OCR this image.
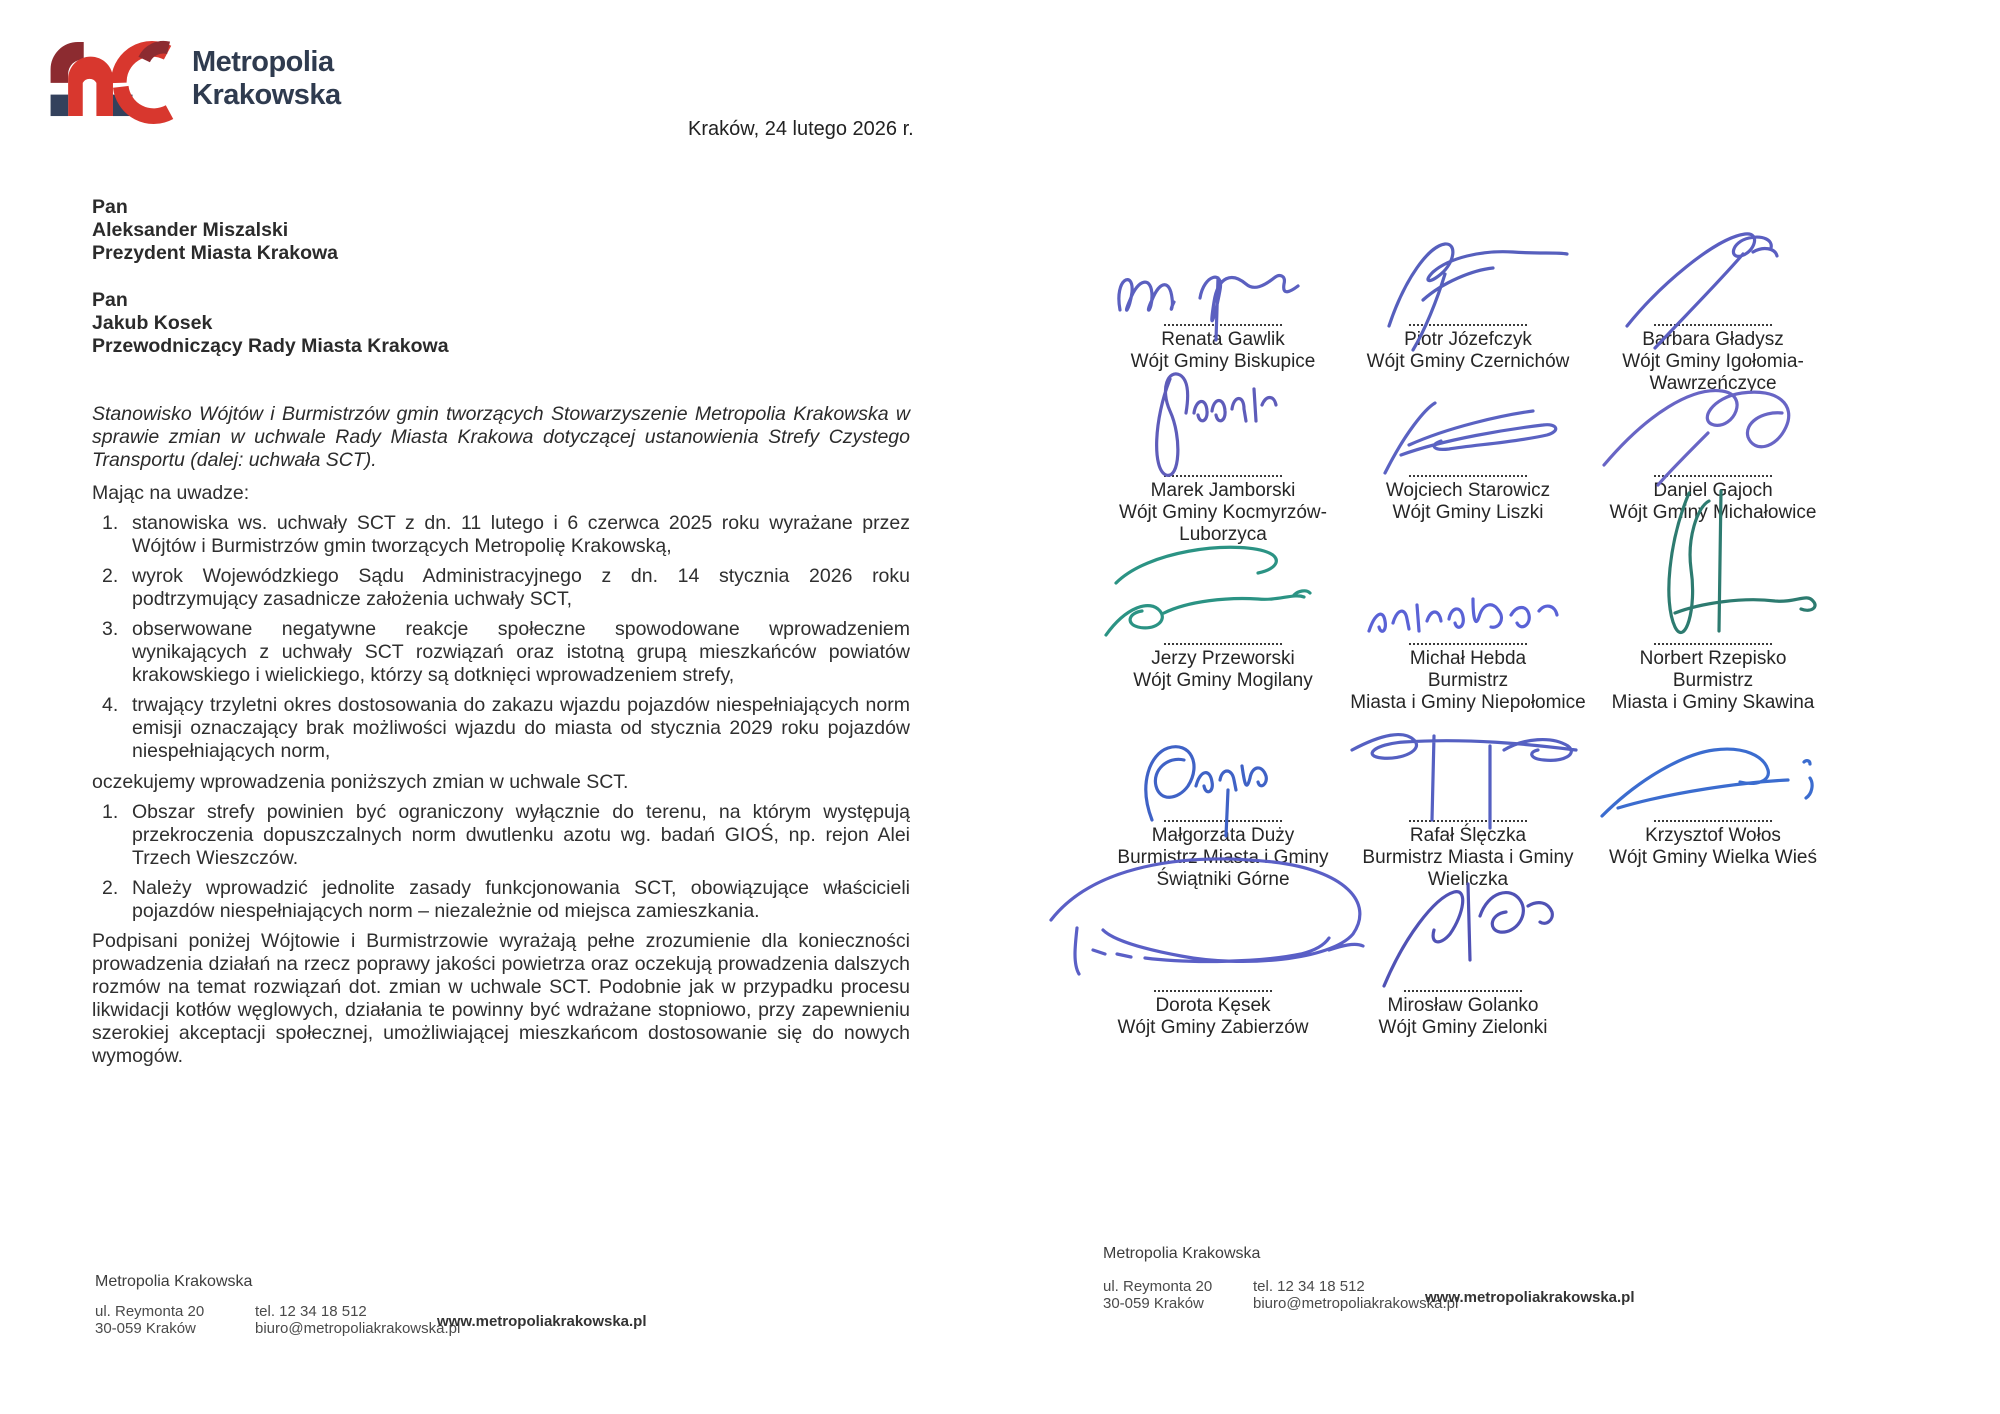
Metropolia
Krakowska
Kraków, 24 lutego 2026 r.
Pan
Aleksander Miszalski
Prezydent Miasta Krakowa
Pan
Jakub Kosek
Przewodniczący Rady Miasta Krakowa
Stanowisko Wójtów i Burmistrzów gmin tworzących Stowarzyszenie Metropolia Krakowska w sprawie zmian w uchwale Rady Miasta Krakowa dotyczącej ustanowienia Strefy Czystego Transportu (dalej: uchwała SCT).
Mając na uwadze:
1. stanowiska ws. uchwały SCT z dn. 11 lutego i 6 czerwca 2025 roku wyrażane przez Wójtów i Burmistrzów gmin tworzących Metropolię Krakowską,
2. wyrok Wojewódzkiego Sądu Administracyjnego z dn. 14 stycznia 2026 roku podtrzymujący zasadnicze założenia uchwały SCT,
3. obserwowane negatywne reakcje społeczne spowodowane wprowadzeniem wynikających z uchwały SCT rozwiązań oraz istotną grupą mieszkańców powiatów krakowskiego i wielickiego, którzy są dotknięci wprowadzeniem strefy,
4. trwający trzyletni okres dostosowania do zakazu wjazdu pojazdów niespełniających norm emisji oznaczający brak możliwości wjazdu do miasta od stycznia 2029 roku pojazdów niespełniających norm,
oczekujemy wprowadzenia poniższych zmian w uchwale SCT.
1. Obszar strefy powinien być ograniczony wyłącznie do terenu, na którym występują przekroczenia dopuszczalnych norm dwutlenku azotu wg. badań GIOŚ, np. rejon Alei Trzech Wieszczów.
2. Należy wprowadzić jednolite zasady funkcjonowania SCT, obowiązujące właścicieli pojazdów niespełniających norm – niezależnie od miejsca zamieszkania.
Podpisani poniżej Wójtowie i Burmistrzowie wyrażają pełne zrozumienie dla konieczności prowadzenia działań na rzecz poprawy jakości powietrza oraz oczekują prowadzenia dalszych rozmów na temat rozwiązań dot. zmian w uchwale SCT. Podobnie jak w przypadku procesu likwidacji kotłów węglowych, działania te powinny być wdrażane stopniowo, przy zapewnieniu szerokiej akceptacji społecznej, umożliwiającej mieszkańcom dostosowanie się do nowych wymogów.
Metropolia Krakowska
ul. Reymonta 20
30-059 Kraków
tel. 12 34 18 512
biuro@metropoliakrakowska.pl
www.metropoliakrakowska.pl
Metropolia Krakowska
ul. Reymonta 20
30-059 Kraków
tel. 12 34 18 512
biuro@metropoliakrakowska.pl
www.metropoliakrakowska.pl
Renata Gawlik
Wójt Gminy Biskupice
Piotr Józefczyk
Wójt Gminy Czernichów
Barbara Gładysz
Wójt Gminy Igołomia-
Wawrzeńczyce
Marek Jamborski
Wójt Gminy Kocmyrzów-
Luborzyca
Wojciech Starowicz
Wójt Gminy Liszki
Daniel Gajoch
Wójt Gminy Michałowice
Jerzy Przeworski
Wójt Gminy Mogilany
Michał Hebda
Burmistrz
Miasta i Gminy Niepołomice
Norbert Rzepisko
Burmistrz
Miasta i Gminy Skawina
Małgorzata Duży
Burmistrz Miasta i Gminy
Świątniki Górne
Rafał Ślęczka
Burmistrz Miasta i Gminy
Wieliczka
Krzysztof Wołos
Wójt Gminy Wielka Wieś
Dorota Kęsek
Wójt Gminy Zabierzów
Mirosław Golanko
Wójt Gminy Zielonki
